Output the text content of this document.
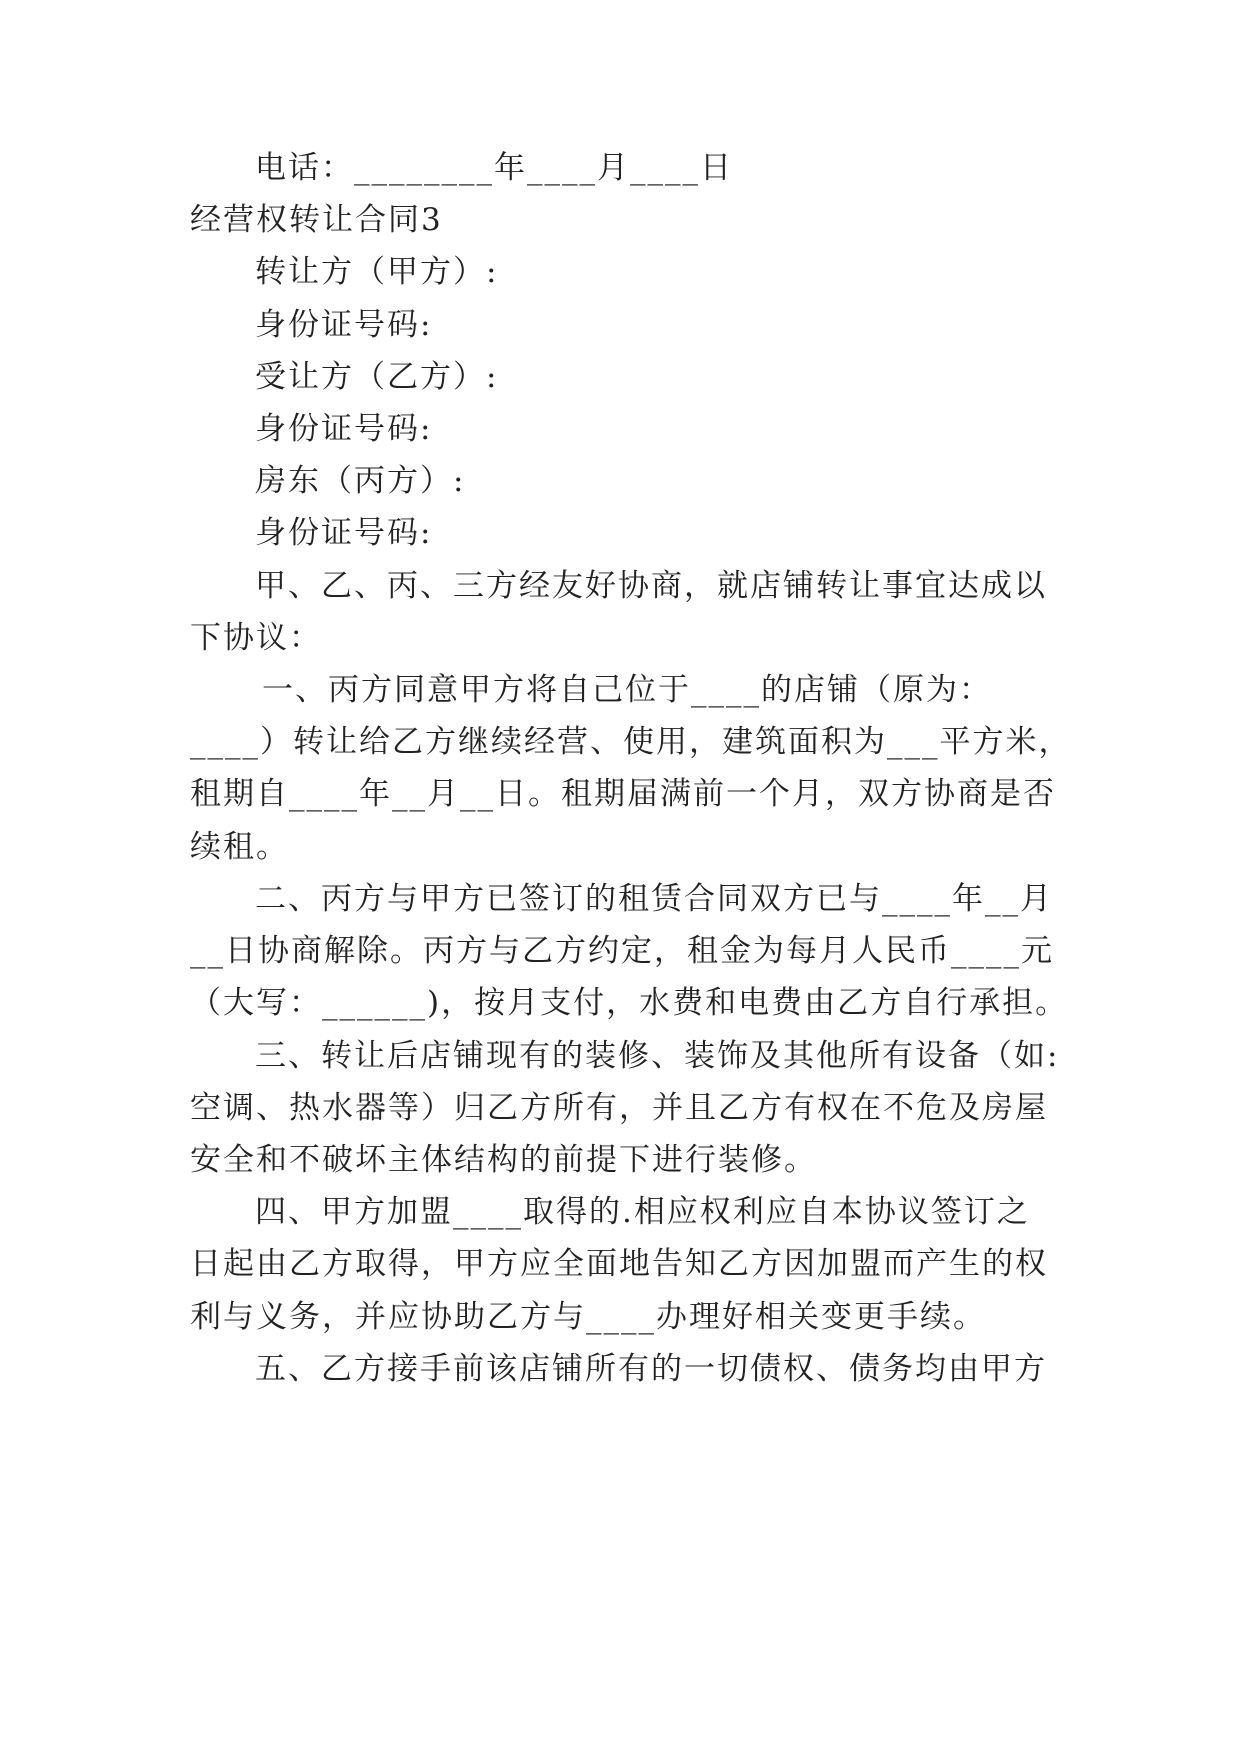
电话：________年____月____日
经营权转让合同3
转让方（甲方）:
身份证号码:
受让方（乙方）:
身份证号码:
房东（丙方）:
身份证号码:
甲、乙、丙、三方经友好协商，就店铺转让事宜达成以
下协议：
一、丙方同意甲方将自己位于____的店铺（原为：
____）转让给乙方继续经营、使用，建筑面积为___平方米，
租期自____年__月__日。租期届满前一个月，双方协商是否
续租。
二、丙方与甲方已签订的租赁合同双方已与____年__月
__日协商解除。丙方与乙方约定，租金为每月人民币____元
（大写：______)，按月支付，水费和电费由乙方自行承担。
三、转让后店铺现有的装修、装饰及其他所有设备（如:
空调、热水器等）归乙方所有，并且乙方有权在不危及房屋
安全和不破坏主体结构的前提下进行装修。
四、甲方加盟____取得的.相应权利应自本协议签订之
日起由乙方取得，甲方应全面地告知乙方因加盟而产生的权
利与义务，并应协助乙方与____办理好相关变更手续。
五、乙方接手前该店铺所有的一切债权、债务均由甲方
